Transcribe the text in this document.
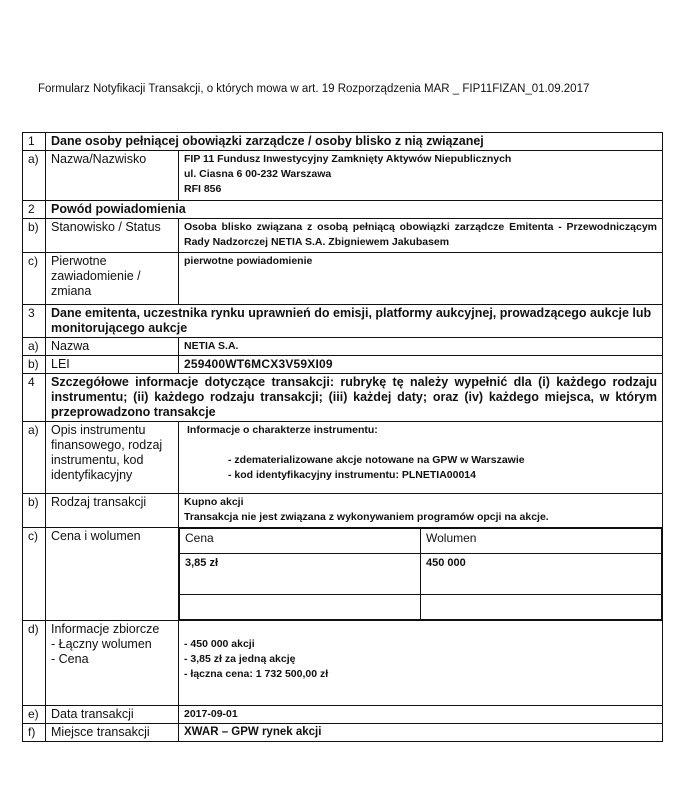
Formularz Notyfikacji Transakcji, o których mowa w art. 19 Rozporządzenia MAR _ FIP11FIZAN_01.09.2017
1	Dane osoby pełniącej obowiązki zarządcze / osoby blisko z nią związanej
a)	Nazwa/Nazwisko	FIP 11 Fundusz Inwestycyjny Zamknięty Aktywów Niepublicznych
ul. Ciasna 6 00-232 Warszawa
RFI 856

2	Powód powiadomienia
b)	Stanowisko / Status	Osoba blisko związana z osobą pełniącą obowiązki zarządcze Emitenta - Przewodniczącym Rady Nadzorczej NETIA S.A. Zbigniewem Jakubasem
c)	Pierwotne zawiadomienie / zmiana	pierwotne powiadomienie
3	Dane emitenta, uczestnika rynku uprawnień do emisji, platformy aukcyjnej, prowadzącego aukcje lub monitorującego aukcje
a)	Nazwa	NETIA S.A.
b)	LEI	259400WT6MCX3V59XI09
4	Szczegółowe informacje dotyczące transakcji: rubrykę tę należy wypełnić dla (i) każdego rodzaju instrumentu; (ii) każdego rodzaju transakcji; (iii) każdej daty; oraz (iv) każdego miejsca, w którym przeprowadzono transakcje
a)	Opis instrumentu finansowego, rodzaj instrumentu, kod identyfikacyjny	
Informacje o charakterze instrumentu:

- zdematerializowane akcje notowane na GPW w Warszawie
- kod identyfikacyjny instrumentu: PLNETIA00014

b)	Rodzaj transakcji	Kupno akcji
Transakcja nie jest związana z wykonywaniem programów opcji na akcje.

c)	Cena i wolumen		Cena	Wolumen
3,85 zł	450 000

d)	Informacje zbiorcze
- Łączny wolumen
- Cena

- 450 000 akcji
- 3,85 zł za jedną akcję
- łączna cena: 1 732 500,00 zł

e)	Data transakcji	2017-09-01
f)	Miejsce transakcji	XWAR – GPW rynek akcji
